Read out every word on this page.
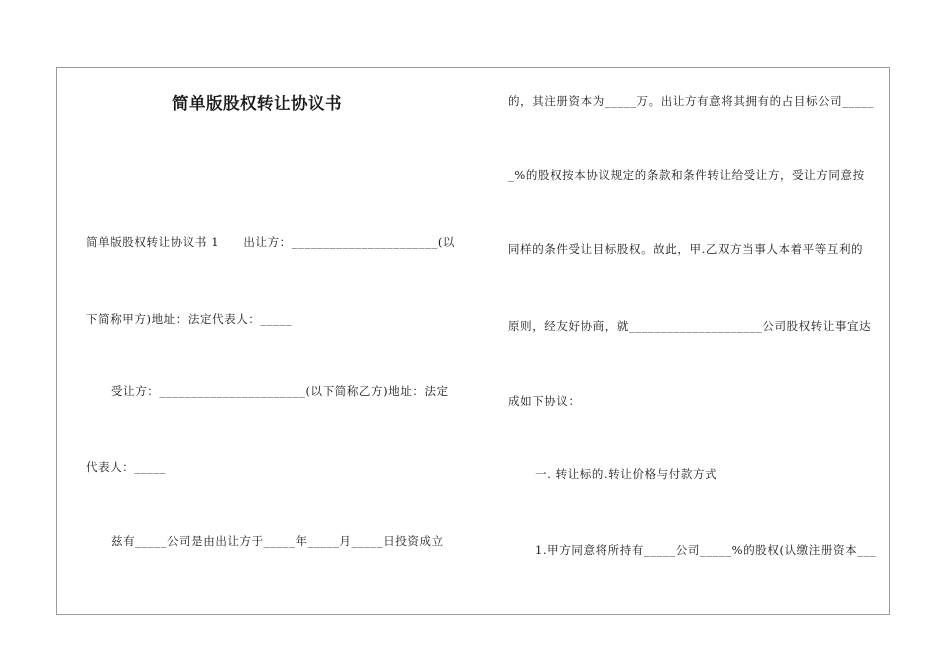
简单版股权转让协议书
简单版股权转让协议书 1　　出让方：_______________________(以
下简称甲方)地址：法定代表人：_____
受让方：_______________________(以下简称乙方)地址：法定
代表人：_____
兹有_____公司是由出让方于_____年_____月_____日投资成立
的，其注册资本为_____万。出让方有意将其拥有的占目标公司_____
_%的股权按本协议规定的条款和条件转让给受让方，受让方同意按
同样的条件受让目标股权。故此，甲.乙双方当事人本着平等互利的
原则，经友好协商，就_____________________公司股权转让事宜达
成如下协议：
一. 转让标的.转让价格与付款方式
1.甲方同意将所持有_____公司_____%的股权(认缴注册资本___
